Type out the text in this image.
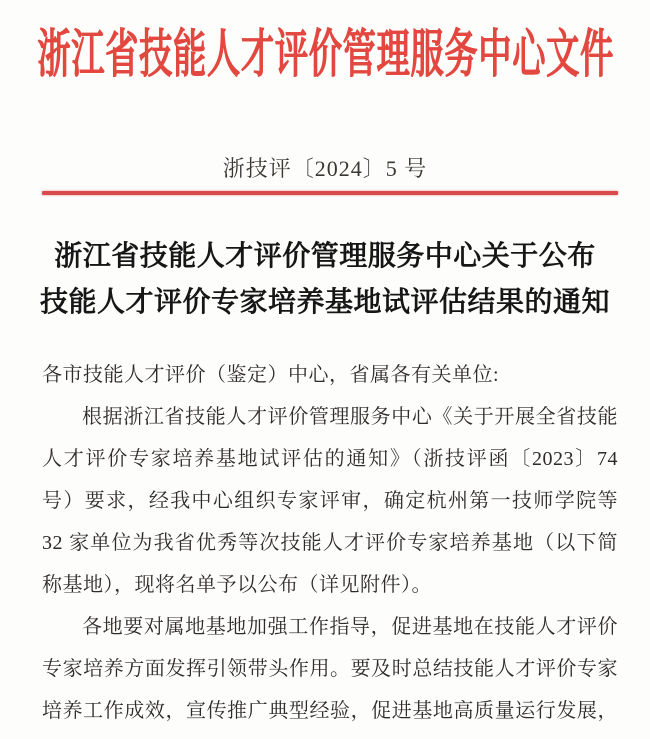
浙江省技能人才评价管理服务中心文件
浙技评〔2024〕5 号
浙江省技能人才评价管理服务中心关于公布
技能人才评价专家培养基地试评估结果的通知
各市技能人才评价（鉴定）中心，省属各有关单位:
根据浙江省技能人才评价管理服务中心《关于开展全省技能
人才评价专家培养基地试评估的通知》（浙技评函〔2023〕74
号）要求，经我中心组织专家评审，确定杭州第一技师学院等
32 家单位为我省优秀等次技能人才评价专家培养基地（以下简
称基地），现将名单予以公布（详见附件）。
各地要对属地基地加强工作指导，促进基地在技能人才评价
专家培养方面发挥引领带头作用。要及时总结技能人才评价专家
培养工作成效，宣传推广典型经验，促进基地高质量运行发展，
